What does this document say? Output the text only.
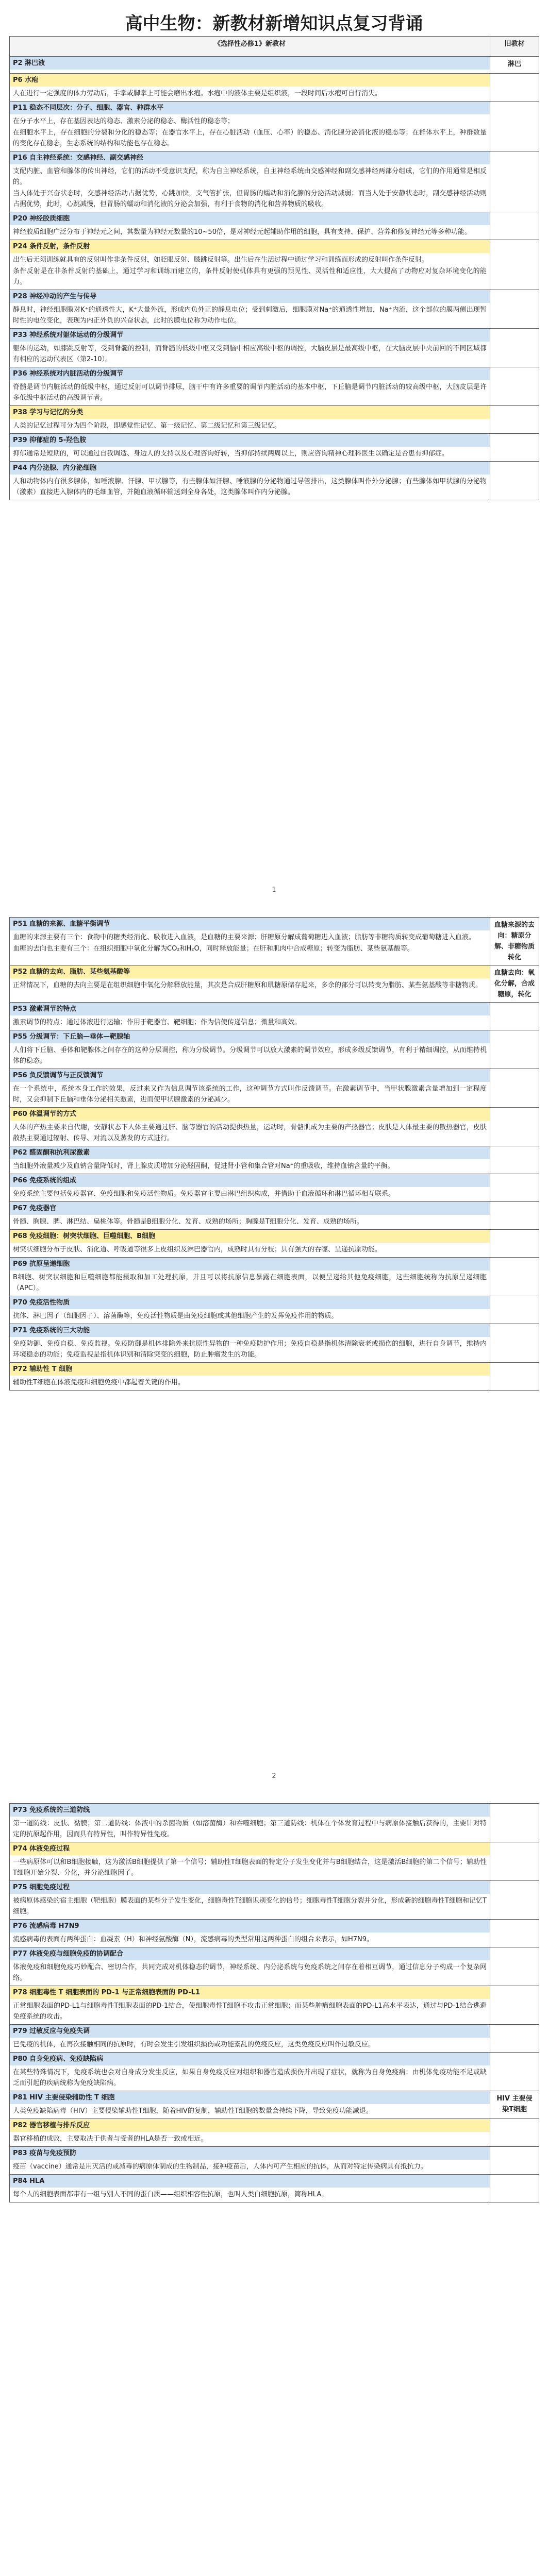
高中生物：新教材新增知识点复习背诵
《选择性必修1》新教材	旧教材

P2 淋巴液	淋巴

P6 水疱
人在进行一定强度的体力劳动后，手掌或脚掌上可能会磨出水疱。水疱中的液体主要是组织液，一段时间后水疱可自行消失。	

P11 稳态不同层次：分子、细胞、器官、种群水平
在分子水平上，存在基因表达的稳态、激素分泌的稳态、酶活性的稳态等；
在细胞水平上，存在细胞的分裂和分化的稳态等；在器官水平上，存在心脏活动（血压、心率）的稳态、消化腺分泌消化液的稳态等；在群体水平上，种群数量的变化存在稳态，生态系统的结构和功能也存在稳态。	

P16 自主神经系统：交感神经、副交感神经
支配内脏、血管和腺体的传出神经，它们的活动不受意识支配，称为自主神经系统，自主神经系统由交感神经和副交感神经两部分组成，它们的作用通常是相反的。
当人体处于兴奋状态时，交感神经活动占据优势，心跳加快，支气管扩张，但胃肠的蠕动和消化腺的分泌活动减弱；而当人处于安静状态时，副交感神经活动则占据优势，此时，心跳减慢，但胃肠的蠕动和消化液的分泌会加强，有利于食物的消化和营养物质的吸收。	

P20 神经胶质细胞
神经胶质细胞广泛分布于神经元之间，其数量为神经元数量的10~50倍，是对神经元起辅助作用的细胞，具有支持、保护、营养和修复神经元等多种功能。	

P24 条件反射，条件反射
出生后无须训练就具有的反射叫作非条件反射，如眨眼反射、膝跳反射等。出生后在生活过程中通过学习和训练而形成的反射叫作条件反射。
条件反射是在非条件反射的基础上，通过学习和训练而建立的，条件反射使机体具有更强的预见性、灵活性和适应性，大大提高了动物应对复杂环境变化的能力。	

P28 神经冲动的产生与传导
静息时，神经细胞膜对K⁺的通透性大，K⁺大量外流，形成内负外正的静息电位；受到刺激后，细胞膜对Na⁺的通透性增加，Na⁺内流，这个部位的膜两侧出现暂时性的电位变化，表现为内正外负的兴奋状态，此时的膜电位称为动作电位。	

P33 神经系统对躯体运动的分级调节
躯体的运动，如膝跳反射等，受到脊髓的控制，而脊髓的低级中枢又受到脑中相应高级中枢的调控，大脑皮层是最高级中枢，在大脑皮层中央前回的不同区域都有相应的运动代表区（第2-10）。	

P36 神经系统对内脏活动的分级调节
脊髓是调节内脏活动的低级中枢，通过反射可以调节排尿，脑干中有许多重要的调节内脏活动的基本中枢，下丘脑是调节内脏活动的较高级中枢，大脑皮层是许多低级中枢活动的高级调节者。	

P38 学习与记忆的分类
人类的记忆过程可分为四个阶段，即感觉性记忆、第一级记忆、第二级记忆和第三级记忆。	

P39 抑郁症的 5-羟色胺
抑郁通常是短期的，可以通过自我调适、身边人的支持以及心理咨询好转，当抑郁持续两周以上，则应咨询精神心理科医生以确定是否患有抑郁症。	

P44 内分泌腺、内分泌细胞
人和动物体内有很多腺体，如唾液腺、汗腺、甲状腺等，有些腺体如汗腺、唾液腺的分泌物通过导管排出，这类腺体叫作外分泌腺；有些腺体如甲状腺的分泌物（激素）直接进入腺体内的毛细血管，并随血液循环输送到全身各处，这类腺体叫作内分泌腺。	

1
P51 血糖的来源、血糖平衡调节
血糖的来源主要有三个：食物中的糖类经消化、吸收进入血液，是血糖的主要来源；肝糖原分解成葡萄糖进入血液；脂肪等非糖物质转变成葡萄糖进入血液。
血糖的去向也主要有三个：在组织细胞中氧化分解为CO₂和H₂O，同时释放能量；在肝和肌肉中合成糖原；转变为脂肪、某些氨基酸等。	血糖来源的去向：糖原分解、非糖物质转化

P52 血糖的去向、脂肪、某些氨基酸等
正常情况下，血糖的去向主要是在组织细胞中氧化分解释放能量，其次是合成肝糖原和肌糖原储存起来，多余的部分可以转变为脂肪、某些氨基酸等非糖物质。	血糖去向：氧化分解，合成糖原，转化

P53 激素调节的特点
激素调节的特点：通过体液进行运输；作用于靶器官、靶细胞；作为信使传递信息；微量和高效。	

P55 分级调节：下丘脑—垂体—靶腺轴
人们将下丘脑、垂体和靶腺体之间存在的这种分层调控，称为分级调节。分级调节可以放大激素的调节效应，形成多级反馈调节，有利于精细调控，从而维持机体的稳态。	

P56 负反馈调节与正反馈调节
在一个系统中，系统本身工作的效果，反过来又作为信息调节该系统的工作，这种调节方式叫作反馈调节。在激素调节中，当甲状腺激素含量增加到一定程度时，又会抑制下丘脑和垂体分泌相关激素，进而使甲状腺激素的分泌减少。	

P60 体温调节的方式
人体的产热主要来自代谢，安静状态下人体主要通过肝、脑等器官的活动提供热量，运动时，骨骼肌成为主要的产热器官；皮肤是人体最主要的散热器官，皮肤散热主要通过辐射、传导、对流以及蒸发的方式进行。	

P62 醛固酮和抗利尿激素
当细胞外液量减少及血钠含量降低时，肾上腺皮质增加分泌醛固酮，促进肾小管和集合管对Na⁺的重吸收，维持血钠含量的平衡。	

P66 免疫系统的组成
免疫系统主要包括免疫器官、免疫细胞和免疫活性物质。免疫器官主要由淋巴组织构成，并借助于血液循环和淋巴循环相互联系。	

P67 免疫器官
骨髓、胸腺、脾、淋巴结、扁桃体等。骨髓是B细胞分化、发育、成熟的场所；胸腺是T细胞分化、发育、成熟的场所。	

P68 免疫细胞：树突状细胞、巨噬细胞、B细胞
树突状细胞分布于皮肤、消化道、呼吸道等很多上皮组织及淋巴器官内，成熟时具有分枝；具有强大的吞噬、呈递抗原功能。	

P69 抗原呈递细胞
B细胞、树突状细胞和巨噬细胞都能摄取和加工处理抗原，并且可以将抗原信息暴露在细胞表面，以便呈递给其他免疫细胞，这些细胞统称为抗原呈递细胞（APC）。	

P70 免疫活性物质
抗体、淋巴因子（细胞因子）、溶菌酶等，免疫活性物质是由免疫细胞或其他细胞产生的发挥免疫作用的物质。	

P71 免疫系统的三大功能
免疫防御、免疫自稳、免疫监视。免疫防御是机体排除外来抗原性异物的一种免疫防护作用；免疫自稳是指机体清除衰老或损伤的细胞，进行自身调节，维持内环境稳态的功能；免疫监视是指机体识别和清除突变的细胞，防止肿瘤发生的功能。	

P72 辅助性 T 细胞
辅助性T细胞在体液免疫和细胞免疫中都起着关键的作用。	

2
P73 免疫系统的三道防线
第一道防线：皮肤、黏膜；第二道防线：体液中的杀菌物质（如溶菌酶）和吞噬细胞；第三道防线：机体在个体发育过程中与病原体接触后获得的，主要针对特定的抗原起作用，因而具有特异性，叫作特异性免疫。	

P74 体液免疫过程
一些病原体可以和B细胞接触，这为激活B细胞提供了第一个信号；辅助性T细胞表面的特定分子发生变化并与B细胞结合，这是激活B细胞的第二个信号；辅助性T细胞开始分裂、分化，并分泌细胞因子。	

P75 细胞免疫过程
被病原体感染的宿主细胞（靶细胞）膜表面的某些分子发生变化，细胞毒性T细胞识别变化的信号；细胞毒性T细胞分裂并分化，形成新的细胞毒性T细胞和记忆T细胞。	

P76 流感病毒 H7N9
流感病毒的表面有两种蛋白：血凝素（H）和神经氨酸酶（N），流感病毒的类型常用这两种蛋白的组合来表示，如H7N9。	

P77 体液免疫与细胞免疫的协调配合
体液免疫和细胞免疫巧妙配合、密切合作，共同完成对机体稳态的调节，神经系统、内分泌系统与免疫系统之间存在着相互调节，通过信息分子构成一个复杂网络。	

P78 细胞毒性 T 细胞表面的 PD-1 与正常细胞表面的 PD-L1
正常细胞表面的PD-L1与细胞毒性T细胞表面的PD-1结合，使细胞毒性T细胞不攻击正常细胞；而某些肿瘤细胞表面的PD-L1高水平表达，通过与PD-1结合逃避免疫系统的攻击。	

P79 过敏反应与免疫失调
已免疫的机体，在再次接触相同的抗原时，有时会发生引发组织损伤或功能紊乱的免疫反应，这类免疫反应叫作过敏反应。	

P80 自身免疫病、免疫缺陷病
在某些特殊情况下，免疫系统也会对自身成分发生反应，如果自身免疫反应对组织和器官造成损伤并出现了症状，就称为自身免疫病；由机体免疫功能不足或缺乏而引起的疾病统称为免疫缺陷病。	

P81 HIV 主要侵染辅助性 T 细胞
人类免疫缺陷病毒（HIV）主要侵染辅助性T细胞，随着HIV的复制，辅助性T细胞的数量会持续下降，导致免疫功能减退。	HIV 主要侵染T细胞

P82 器官移植与排斥反应
器官移植的成败，主要取决于供者与受者的HLA是否一致或相近。	

P83 疫苗与免疫预防
疫苗（vaccine）通常是用灭活的或减毒的病原体制成的生物制品，接种疫苗后，人体内可产生相应的抗体，从而对特定传染病具有抵抗力。	

P84 HLA
每个人的细胞表面都带有一组与别人不同的蛋白质——组织相容性抗原，也叫人类白细胞抗原，简称HLA。	
